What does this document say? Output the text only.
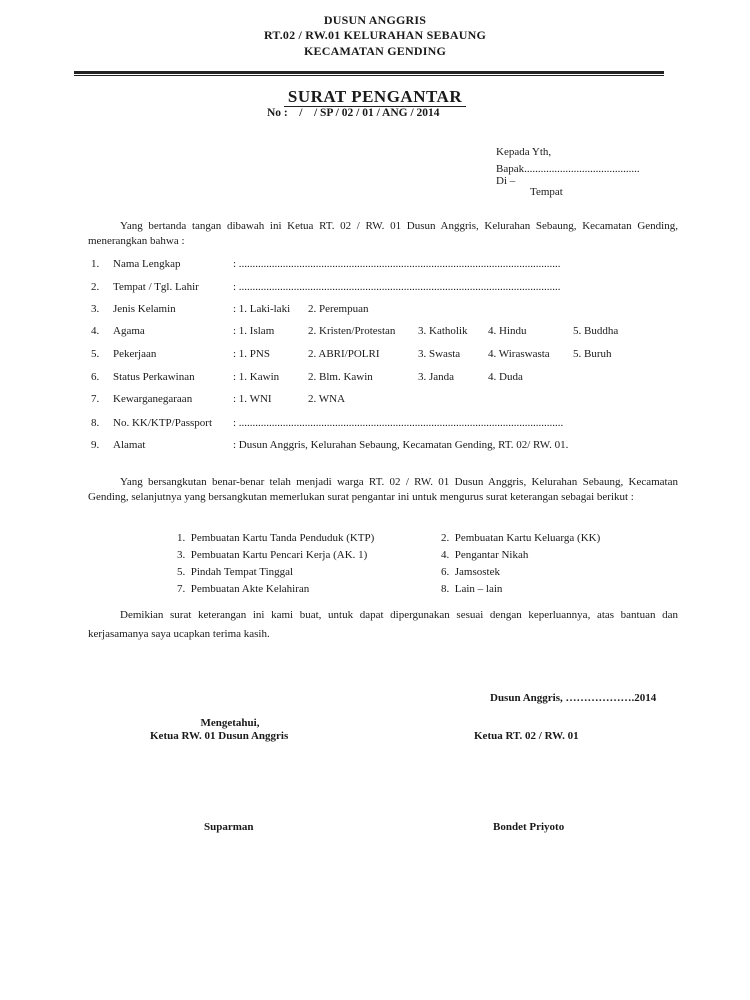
DUSUN ANGGRIS
RT.02 / RW.01 KELURAHAN SEBAUNG
KECAMATAN GENDING
SURAT PENGANTAR
No :    /    / SP / 02 / 01 / ANG / 2014
Kepada Yth,
Bapak..........................................
Di –
Tempat
Yang bertanda tangan dibawah ini Ketua RT. 02 / RW. 01 Dusun Anggris, Kelurahan Sebaung, Kecamatan Gending, menerangkan bahwa :
1. Nama Lengkap	: .....................................................................................................................
2. Tempat / Tgl. Lahir	: .....................................................................................................................
3. Jenis Kelamin	: 1. Laki-laki 2. Perempuan
4. Agama	: 1. Islam	2. Kristen/Protestan 3. Katholik 4. Hindu	5. Buddha
5. Pekerjaan	: 1. PNS	2. ABRI/POLRI	3. Swasta	4. Wiraswasta 5. Buruh
6. Status Perkawinan	: 1. Kawin	2. Blm. Kawin	3. Janda	4. Duda
7. Kewarganegaraan	: 1. WNI	2. WNA
8. No. KK/KTP/Passport : ......................................................................................................................
9. Alamat	: Dusun Anggris, Kelurahan Sebaung, Kecamatan Gending, RT. 02/ RW. 01.
Yang bersangkutan benar-benar telah menjadi warga RT. 02 / RW. 01 Dusun Anggris, Kelurahan Sebaung, Kecamatan Gending, selanjutnya yang bersangkutan memerlukan surat pengantar ini untuk mengurus surat keterangan sebagai berikut :
1.  Pembuatan Kartu Tanda Penduduk (KTP)	2.  Pembuatan Kartu Keluarga (KK)
3.  Pembuatan Kartu Pencari Kerja (AK. 1)	4.  Pengantar Nikah
5.  Pindah Tempat Tinggal	6.  Jamsostek
7.  Pembuatan Akte Kelahiran	8.  Lain – lain
Demikian surat keterangan ini kami buat, untuk dapat dipergunakan sesuai dengan keperluannya, atas bantuan dan kerjasamanya saya ucapkan terima kasih.
Dusun Anggris, ……………….2014
Mengetahui,
Ketua RW. 01 Dusun Anggris	Ketua RT. 02 / RW. 01
Suparman	Bondet Priyoto
